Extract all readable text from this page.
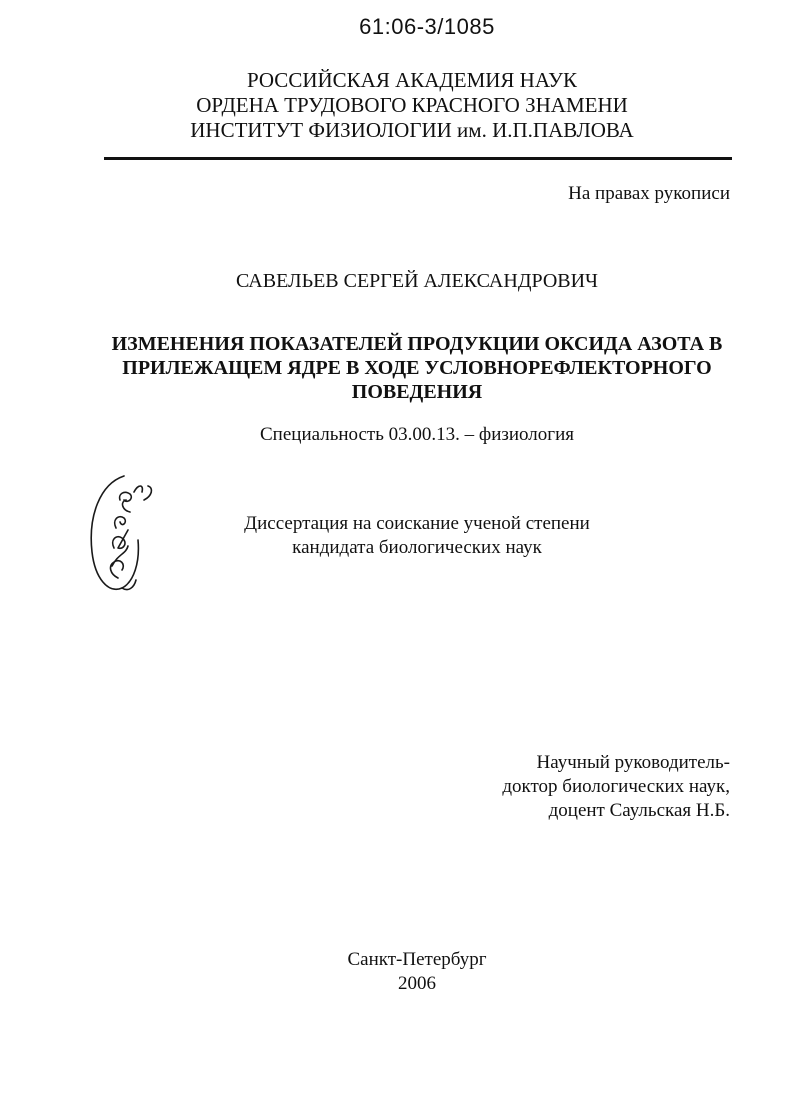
61:06-3/1085
РОССИЙСКАЯ АКАДЕМИЯ НАУК
ОРДЕНА ТРУДОВОГО КРАСНОГО ЗНАМЕНИ
ИНСТИТУТ ФИЗИОЛОГИИ им. И.П.ПАВЛОВА
На правах рукописи
САВЕЛЬЕВ СЕРГЕЙ АЛЕКСАНДРОВИЧ
ИЗМЕНЕНИЯ ПОКАЗАТЕЛЕЙ ПРОДУКЦИИ ОКСИДА АЗОТА В
ПРИЛЕЖАЩЕМ ЯДРЕ В ХОДЕ УСЛОВНОРЕФЛЕКТОРНОГО
ПОВЕДЕНИЯ
Специальность 03.00.13. – физиология
Диссертация на соискание ученой степени
кандидата биологических наук
Научный руководитель-
доктор биологических наук,
доцент Саульская Н.Б.
Санкт-Петербург
2006
